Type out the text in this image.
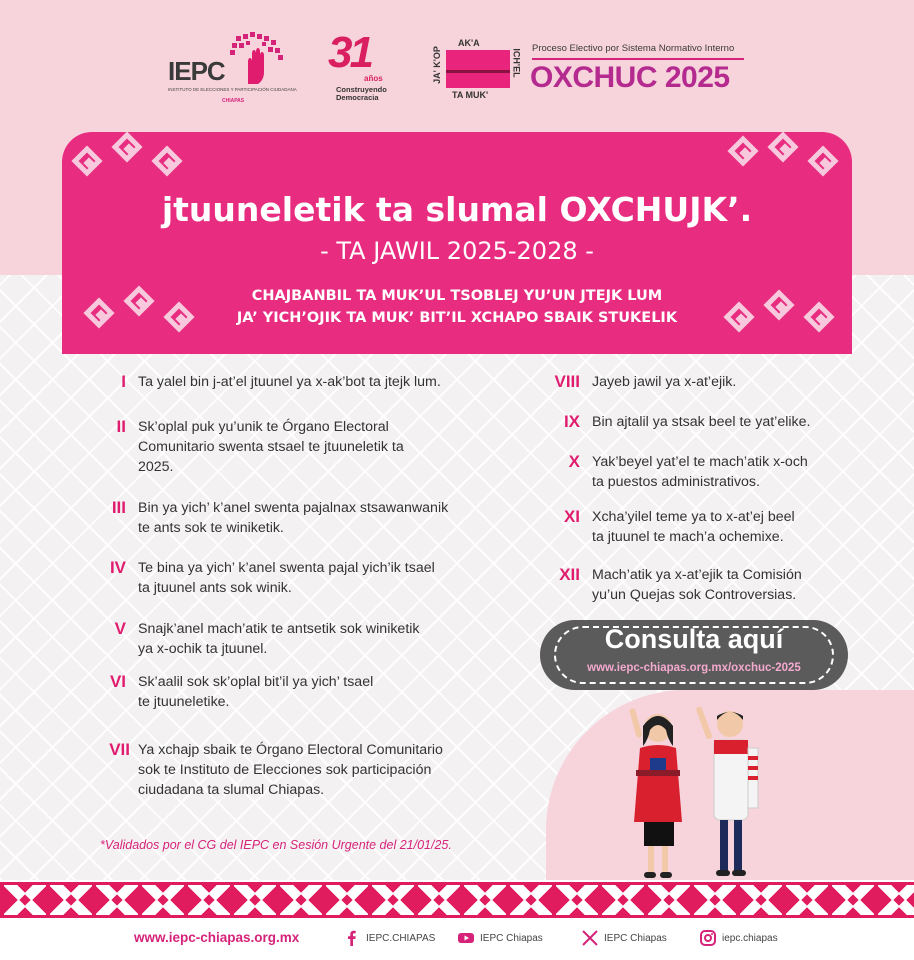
IEPC
INSTITUTO DE ELECCIONES Y PARTICIPACIÓN CIUDADANA
CHIAPAS
31
años
Construyendo
Democracia
AK'A
TA MUK'
JA' K'OP	ICH'EL Proceso Electivo por Sistema Normativo Interno
OXCHUC 2025
jtuuneletik ta slumal OXCHUJK’.
- TA JAWIL 2025-2028 -
CHAJBANBIL TA MUK’UL TSOBLEJ YU’UN JTEJK LUM
JA’ YICH’OJIK TA MUK’ BIT’IL XCHAPO SBAIK STUKELIK
I Ta yalel bin j-at’el jtuunel ya x-ak’bot ta jtejk lum.
II Sk’oplal puk yu’unik te Órgano Electoral
Comunitario swenta stsael te jtuuneletik ta
2025.
III Bin ya yich’ k’anel swenta pajalnax stsawanwanik
te ants sok te winiketik.
IV Te bina ya yich’ k’anel swenta pajal yich’ik tsael
ta jtuunel ants sok winik.
V Snajk’anel mach’atik te antsetik sok winiketik
ya x-ochik ta jtuunel.
VI Sk’aalil sok sk’oplal bit’il ya yich’ tsael
te jtuuneletike.
VII Ya xchajp sbaik te Órgano Electoral Comunitario
sok te Instituto de Elecciones sok participación
ciudadana ta slumal Chiapas.
VIII Jayeb jawil ya x-at’ejik.
IX Bin ajtalil ya stsak beel te yat’elike.
X Yak’beyel yat’el te mach’atik x-och
ta puestos administrativos.
XI Xcha’yilel teme ya to x-at’ej beel
ta jtuunel te mach’a ochemixe.
XII Mach’atik ya x-at’ejik ta Comisión
yu’un Quejas sok Controversias.
*Validados por el CG del IEPC en Sesión Urgente del 21/01/25.
Consulta aquí
www.iepc-chiapas.org.mx/oxchuc-2025
www.iepc-chiapas.org.mx	IEPC.CHIAPAS	IEPC Chiapas	IEPC Chiapas	iepc.chiapas
